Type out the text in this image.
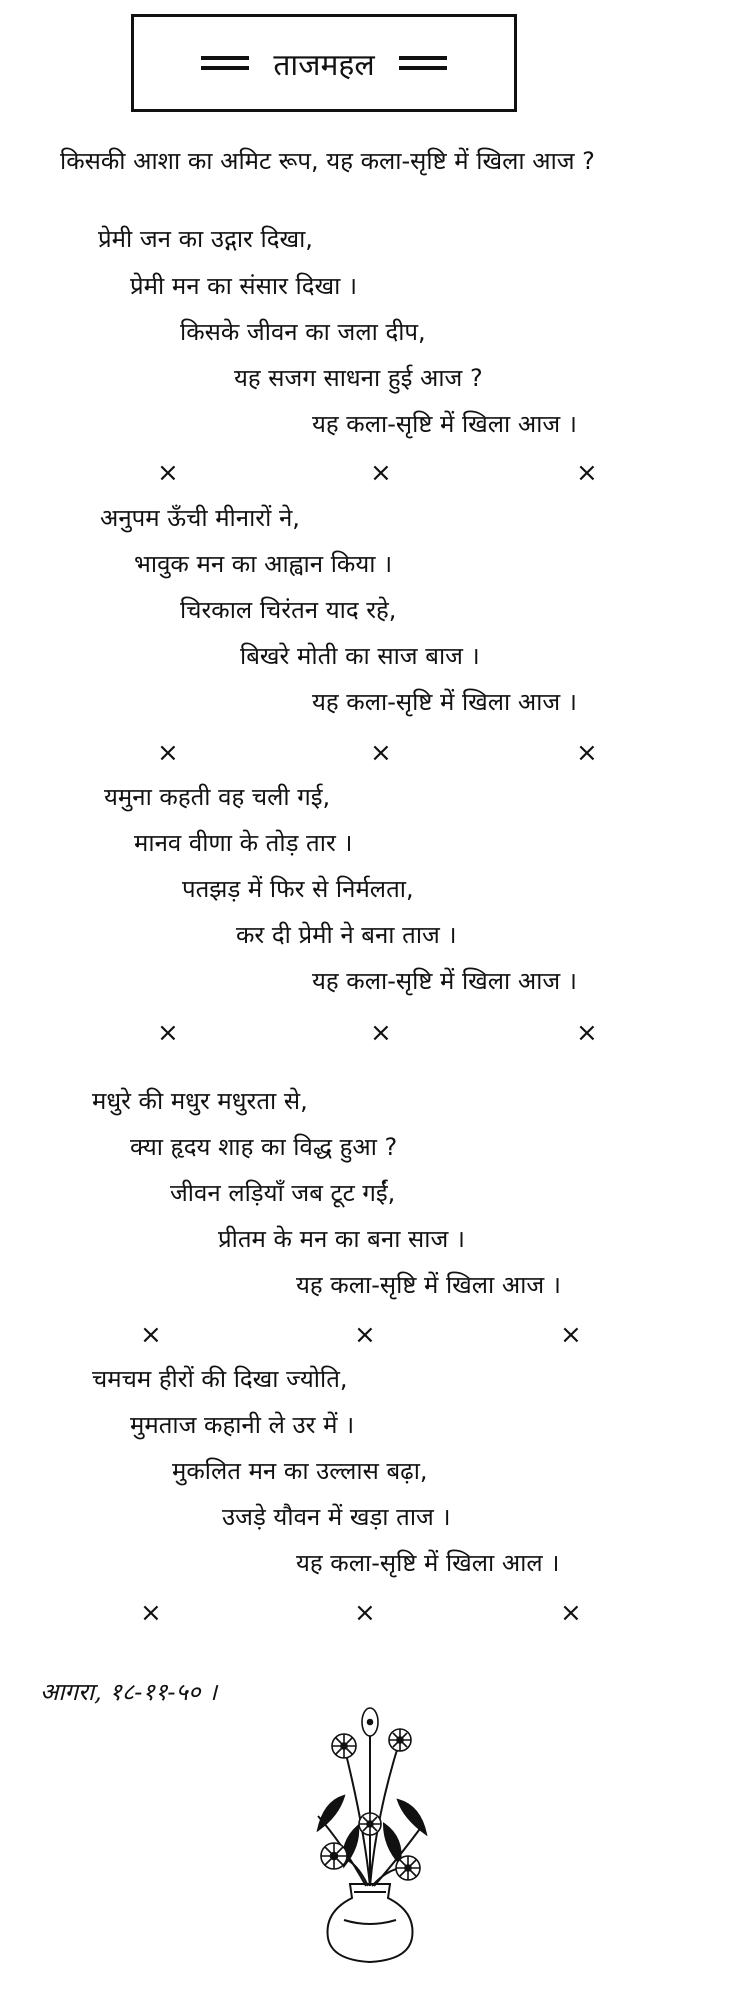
ताजमहल
किसकी आशा का अमिट रूप, यह कला-सृष्टि में खिला आज ?
प्रेमी जन का उद्गार दिखा,
प्रेमी मन का संसार दिखा ।
किसके जीवन का जला दीप,
यह सजग साधना हुई आज ?
यह कला-सृष्टि में खिला आज ।
×	×	×
अनुपम ऊँची मीनारों ने,
भावुक मन का आह्वान किया ।
चिरकाल चिरंतन याद रहे,
बिखरे मोती का साज बाज ।
यह कला-सृष्टि में खिला आज ।
×	×	×
यमुना कहती वह चली गई,
मानव वीणा के तोड़ तार ।
पतझड़ में फिर से निर्मलता,
कर दी प्रेमी ने बना ताज ।
यह कला-सृष्टि में खिला आज ।
×	×	×
मधुरे की मधुर मधुरता से,
क्या हृदय शाह का विद्ध हुआ ?
जीवन लड़ियाँ जब टूट गईं,
प्रीतम के मन का बना साज ।
यह कला-सृष्टि में खिला आज ।
×	×	×
चमचम हीरों की दिखा ज्योति,
मुमताज कहानी ले उर में ।
मुकलित मन का उल्लास बढ़ा,
उजड़े यौवन में खड़ा ताज ।
यह कला-सृष्टि में खिला आल ।
×	×	×
आगरा, १८-११-५० ।
